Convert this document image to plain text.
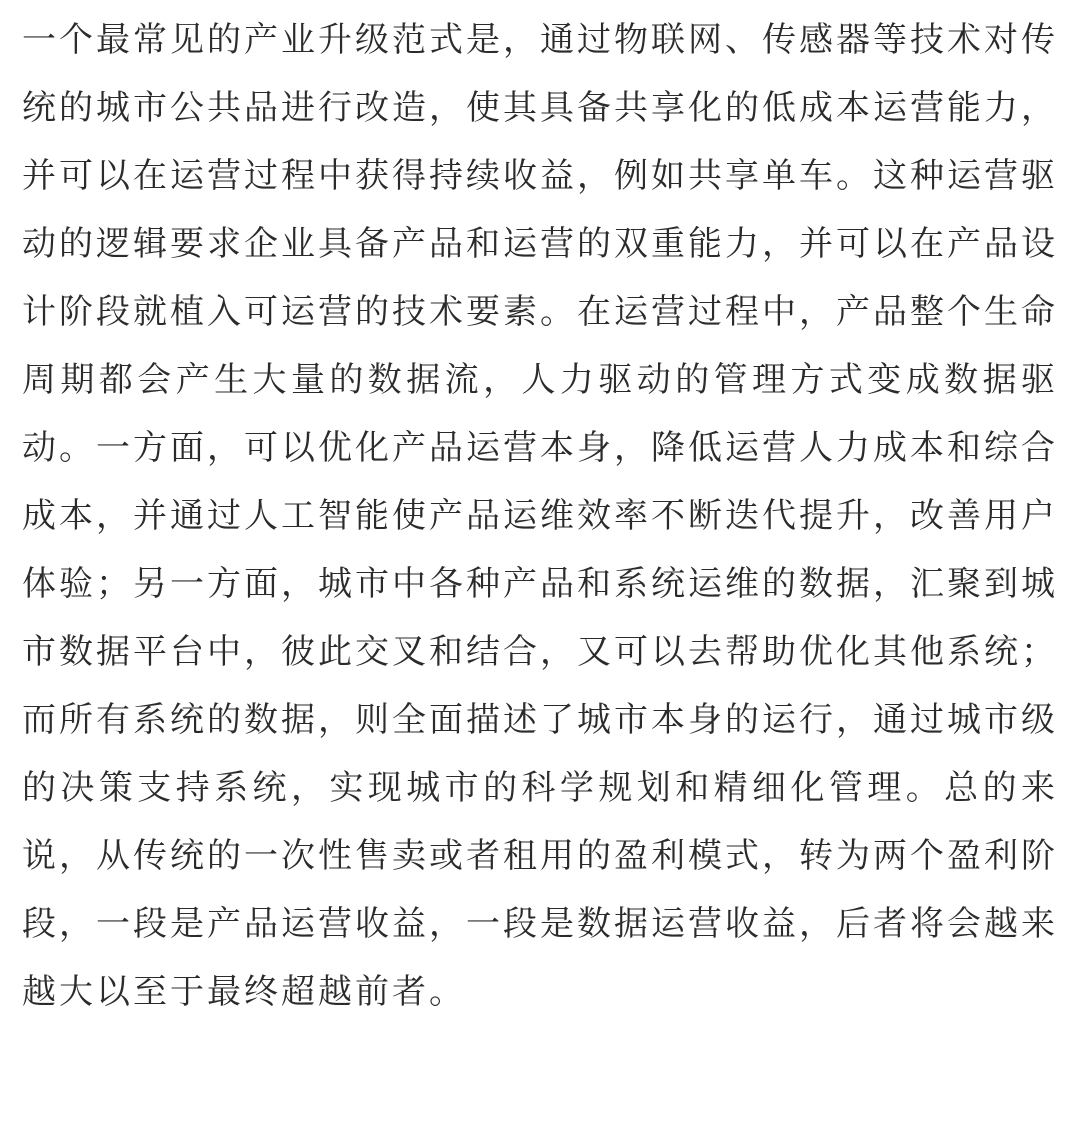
一个最常见的产业升级范式是，通过物联网、传感器等技术对传统的城市公共品进行改造，使其具备共享化的低成本运营能力，并可以在运营过程中获得持续收益，例如共享单车。这种运营驱动的逻辑要求企业具备产品和运营的双重能力，并可以在产品设计阶段就植入可运营的技术要素。在运营过程中，产品整个生命周期都会产生大量的数据流，人力驱动的管理方式变成数据驱动。一方面，可以优化产品运营本身，降低运营人力成本和综合成本，并通过人工智能使产品运维效率不断迭代提升，改善用户体验；另一方面，城市中各种产品和系统运维的数据，汇聚到城市数据平台中，彼此交叉和结合，又可以去帮助优化其他系统；而所有系统的数据，则全面描述了城市本身的运行，通过城市级的决策支持系统，实现城市的科学规划和精细化管理。总的来说，从传统的一次性售卖或者租用的盈利模式，转为两个盈利阶段，一段是产品运营收益，一段是数据运营收益，后者将会越来越大以至于最终超越前者。
